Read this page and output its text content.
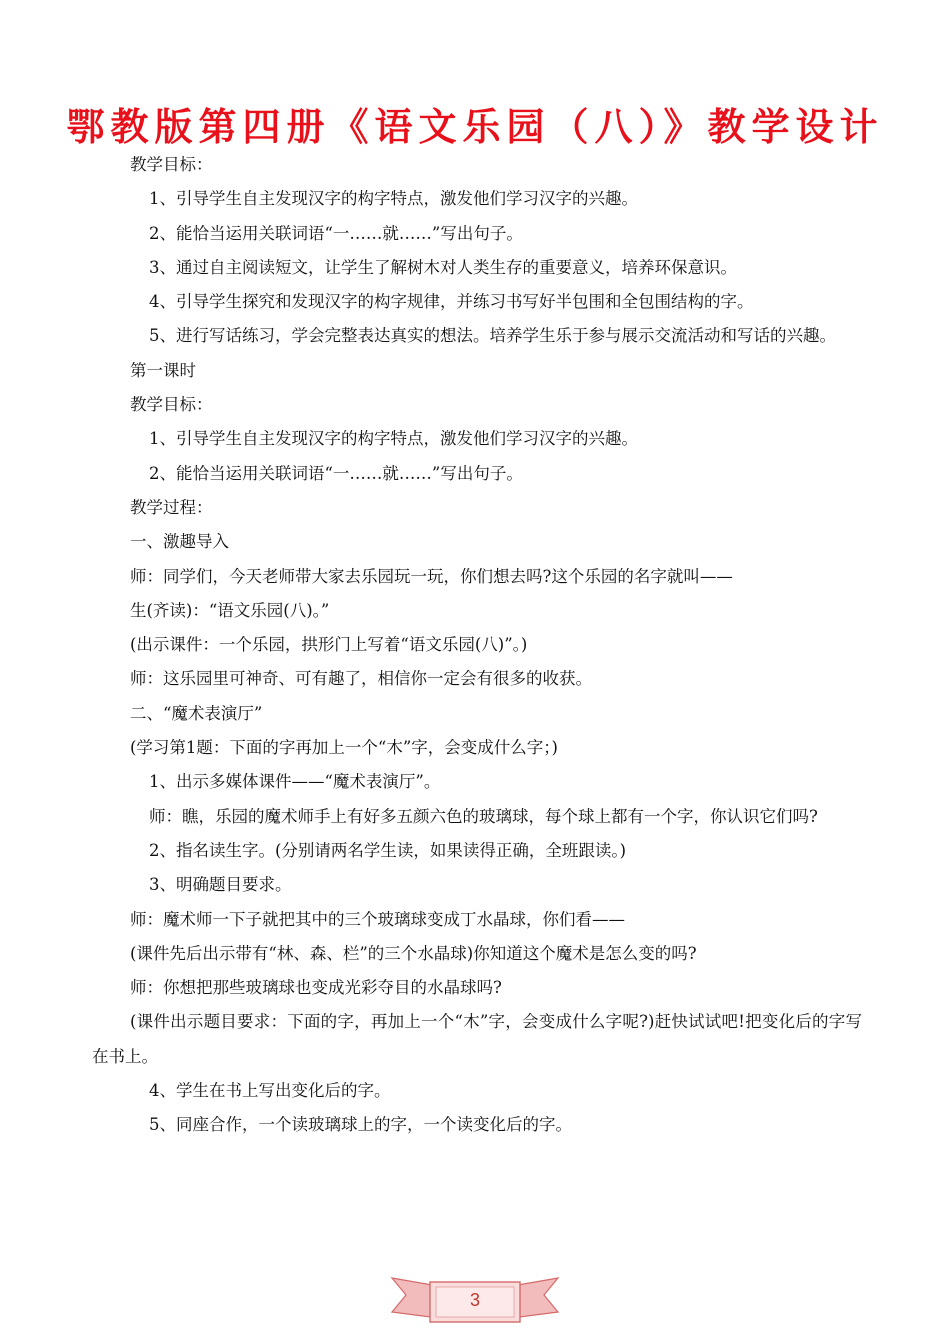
鄂教版第四册《语文乐园（八）》教学设计

教学目标：

1、引导学生自主发现汉字的构字特点，激发他们学习汉字的兴趣。

2、能恰当运用关联词语“一……就……”写出句子。

3、通过自主阅读短文，让学生了解树木对人类生存的重要意义，培养环保意识。

4、引导学生探究和发现汉字的构字规律，并练习书写好半包围和全包围结构的字。

5、进行写话练习，学会完整表达真实的想法。培养学生乐于参与展示交流活动和写话的兴趣。

第一课时

教学目标：

1、引导学生自主发现汉字的构字特点，激发他们学习汉字的兴趣。

2、能恰当运用关联词语“一……就……”写出句子。

教学过程：

一、激趣导入

师：同学们，今天老师带大家去乐园玩一玩，你们想去吗?这个乐园的名字就叫——

生(齐读)：“语文乐园(八)。”

(出示课件：一个乐园，拱形门上写着“语文乐园(八)”。)

师：这乐园里可神奇、可有趣了，相信你一定会有很多的收获。

二、“魔术表演厅”

(学习第1题：下面的字再加上一个“木”字，会变成什么字；)

1、出示多媒体课件——“魔术表演厅”。

师：瞧，乐园的魔术师手上有好多五颜六色的玻璃球，每个球上都有一个字，你认识它们吗?

2、指名读生字。(分别请两名学生读，如果读得正确，全班跟读。)

3、明确题目要求。

师：魔术师一下子就把其中的三个玻璃球变成丁水晶球，你们看——

(课件先后出示带有“林、森、栏”的三个水晶球)你知道这个魔术是怎么变的吗?

师：你想把那些玻璃球也变成光彩夺目的水晶球吗?

(课件出示题目要求：下面的字，再加上一个“木”字，会变成什么字呢?)赶快试试吧!把变化后的字写在书上。

4、学生在书上写出变化后的字。

5、同座合作，一个读玻璃球上的字，一个读变化后的字。

3
